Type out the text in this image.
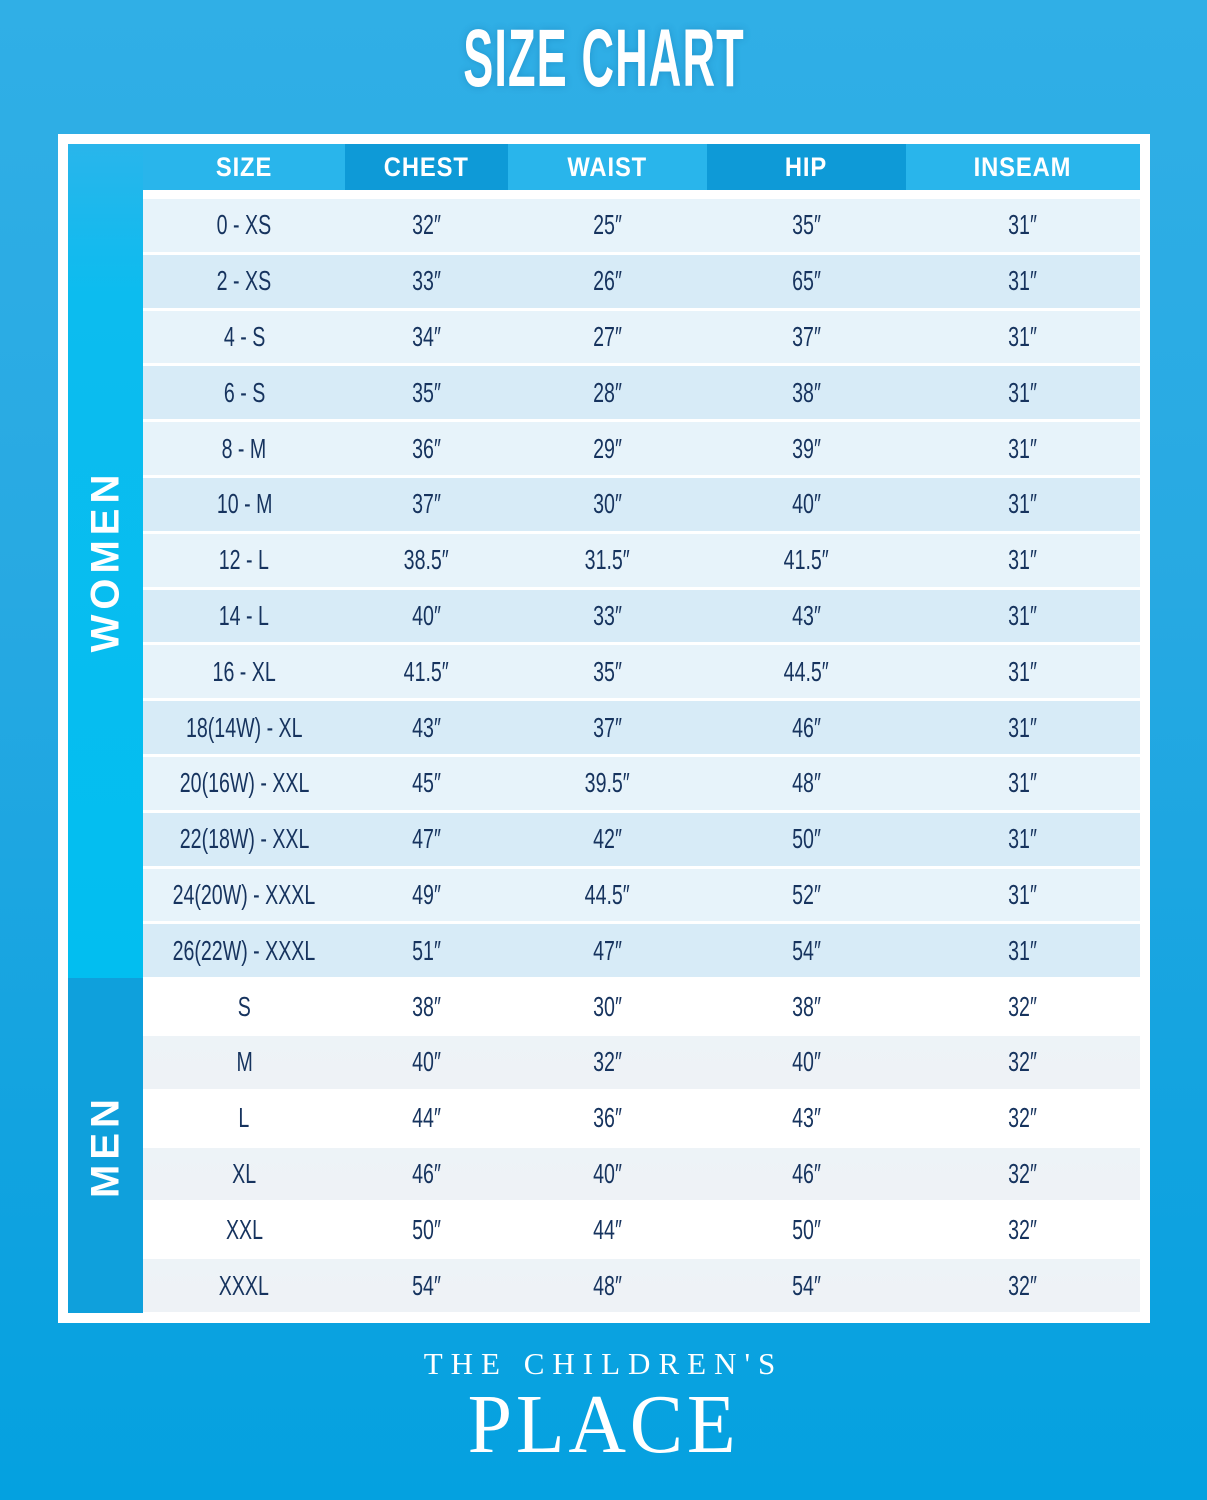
SIZE CHART
WOMEN
MEN
SIZE	CHEST	WAIST	HIP	INSEAM
0 - XS	32″	25″	35″	31″
2 - XS	33″	26″	65″	31″
4 - S	34″	27″	37″	31″
6 - S	35″	28″	38″	31″
8 - M	36″	29″	39″	31″
10 - M	37″	30″	40″	31″
12 - L	38.5″	31.5″	41.5″	31″
14 - L	40″	33″	43″	31″
16 - XL	41.5″	35″	44.5″	31″
18(14W) - XL	43″	37″	46″	31″
20(16W) - XXL	45″	39.5″	48″	31″
22(18W) - XXL	47″	42″	50″	31″
24(20W) - XXXL	49″	44.5″	52″	31″
26(22W) - XXXL	51″	47″	54″	31″
S	38″	30″	38″	32″
M	40″	32″	40″	32″
L	44″	36″	43″	32″
XL	46″	40″	46″	32″
XXL	50″	44″	50″	32″
XXXL	54″	48″	54″	32″
THE CHILDREN'S
PLACE
